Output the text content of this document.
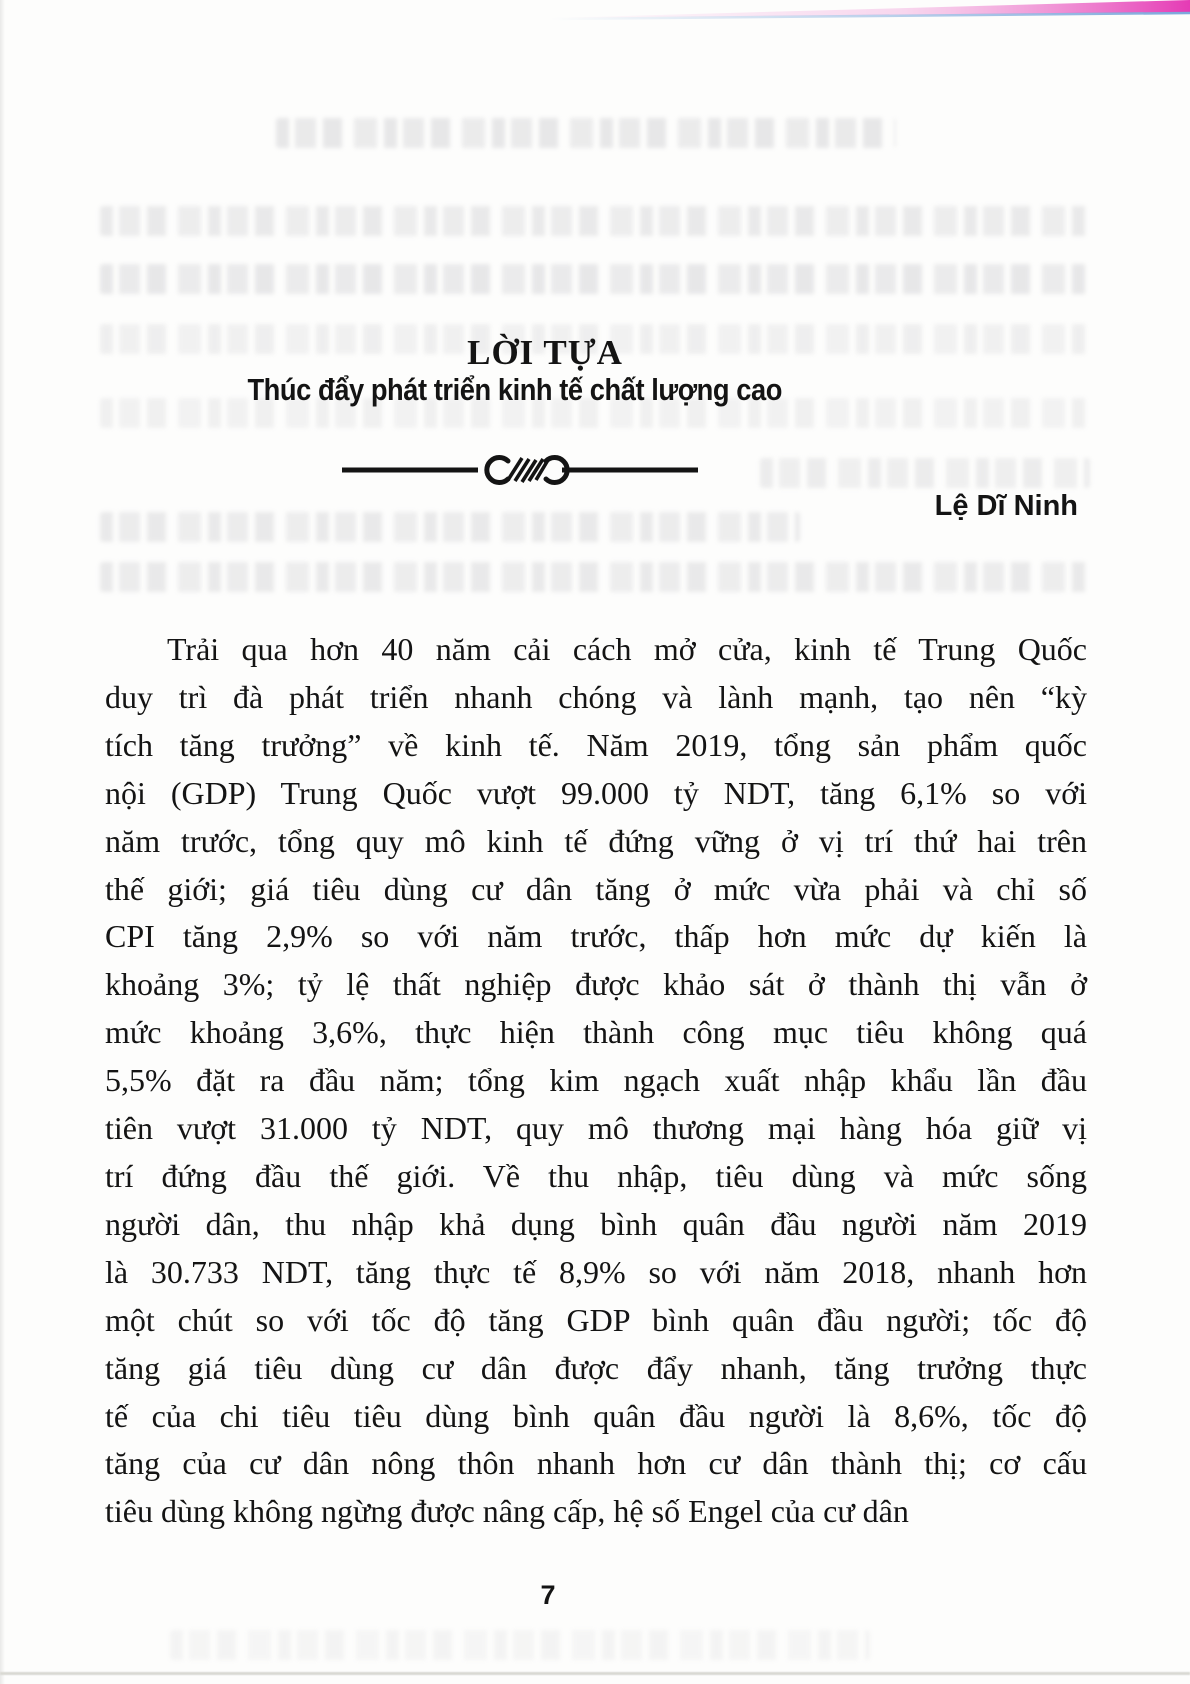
LỜI TỰA
Thúc đẩy phát triển kinh tế chất lượng cao
Lệ Dĩ Ninh
Trải qua hơn 40 năm cải cách mở cửa, kinh tế Trung Quốc
duy trì đà phát triển nhanh chóng và lành mạnh, tạo nên “kỳ
tích tăng trưởng” về kinh tế. Năm 2019, tổng sản phẩm quốc
nội (GDP) Trung Quốc vượt 99.000 tỷ NDT, tăng 6,1% so với
năm trước, tổng quy mô kinh tế đứng vững ở vị trí thứ hai trên
thế giới; giá tiêu dùng cư dân tăng ở mức vừa phải và chỉ số
CPI tăng 2,9% so với năm trước, thấp hơn mức dự kiến là
khoảng 3%; tỷ lệ thất nghiệp được khảo sát ở thành thị vẫn ở
mức khoảng 3,6%, thực hiện thành công mục tiêu không quá
5,5% đặt ra đầu năm; tổng kim ngạch xuất nhập khẩu lần đầu
tiên vượt 31.000 tỷ NDT, quy mô thương mại hàng hóa giữ vị
trí đứng đầu thế giới. Về thu nhập, tiêu dùng và mức sống
người dân, thu nhập khả dụng bình quân đầu người năm 2019
là 30.733 NDT, tăng thực tế 8,9% so với năm 2018, nhanh hơn
một chút so với tốc độ tăng GDP bình quân đầu người; tốc độ
tăng giá tiêu dùng cư dân được đẩy nhanh, tăng trưởng thực
tế của chi tiêu tiêu dùng bình quân đầu người là 8,6%, tốc độ
tăng của cư dân nông thôn nhanh hơn cư dân thành thị; cơ cấu
tiêu dùng không ngừng được nâng cấp, hệ số Engel của cư dân
7
